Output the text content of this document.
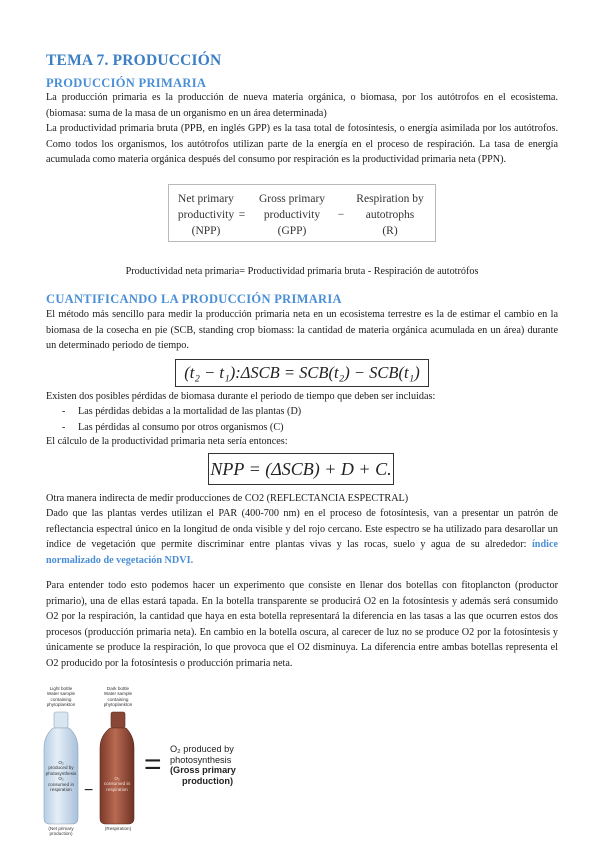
TEMA 7. PRODUCCIÓN
PRODUCCIÓN PRIMARIA

La producción primaria es la producción de nueva materia orgánica, o biomasa, por los autótrofos en el ecosistema. (biomasa: suma de la masa de un organismo en un área determinada)

La productividad primaria bruta (PPB, en inglés GPP) es la tasa total de fotosíntesis, o energía asimilada por los autótrofos. Como todos los organismos, los autótrofos utilizan parte de la energía en el proceso de respiración. La tasa de energía acumulada como materia orgánica después del consumo por respiración es la productividad primaria neta (PPN).

Net primary
productivity
(NPP)
=
Gross primary
productivity
(GPP)
−
Respiration by
autotrophs
(R)
Productividad neta primaria= Productividad primaria bruta - Respiración de autotrófos
CUANTIFICANDO LA PRODUCCIÓN PRIMARIA

El método más sencillo para medir la producción primaria neta en un ecosistema terrestre es la de estimar el cambio en la biomasa de la cosecha en pie (SCB, standing crop biomass: la cantidad de materia orgánica acumulada en un área) durante un determinado periodo de tiempo.

(t₂ − t₁):ΔSCB = SCB(t₂) − SCB(t₁)

Existen dos posibles pérdidas de biomasa durante el periodo de tiempo que deben ser incluidas:

- Las pérdidas debidas a la mortalidad de las plantas (D)
- Las pérdidas al consumo por otros organismos (C)

El cálculo de la productividad primaria neta sería entonces:

NPP = (ΔSCB) + D + C.

Otra manera indirecta de medir producciones de CO2 (REFLECTANCIA ESPECTRAL)

Dado que las plantas verdes utilizan el PAR (400-700 nm) en el proceso de fotosíntesis, van a presentar un patrón de reflectancia espectral único en la longitud de onda visible y del rojo cercano. Este espectro se ha utilizado para desarollar un índice de vegetación que permite discriminar entre plantas vivas y las rocas, suelo y agua de su alrededor: índice normalizado de vegetación NDVI.

Para entender todo esto podemos hacer un experimento que consiste en llenar dos botellas con fitoplancton (productor primario), una de ellas estará tapada. En la botella transparente se producirá O2 en la fotosíntesis y además será consumido O2 por la respiración, la cantidad que haya en esta botella representará la diferencia en las tasas a las que ocurren estos dos procesos (producción primaria neta). En cambio en la botella oscura, al carecer de luz no se produce O2 por la fotosíntesis y únicamente se produce la respiración, lo que provoca que el O2 disminuya. La diferencia entre ambas botellas representa el O2 producido por la fotosíntesis o producción primaria neta.

Light bottle
Water sample
containing
phytoplankton
Dark bottle
Water sample
containing
phytoplankton
O₂
produced by
photosynthesis
O₂
consumed in
respiration
O₂
consumed in
respiration
(Net primary
production)
(Respiration)
−
= O₂ produced by
photosynthesis
(Gross primary
production)
